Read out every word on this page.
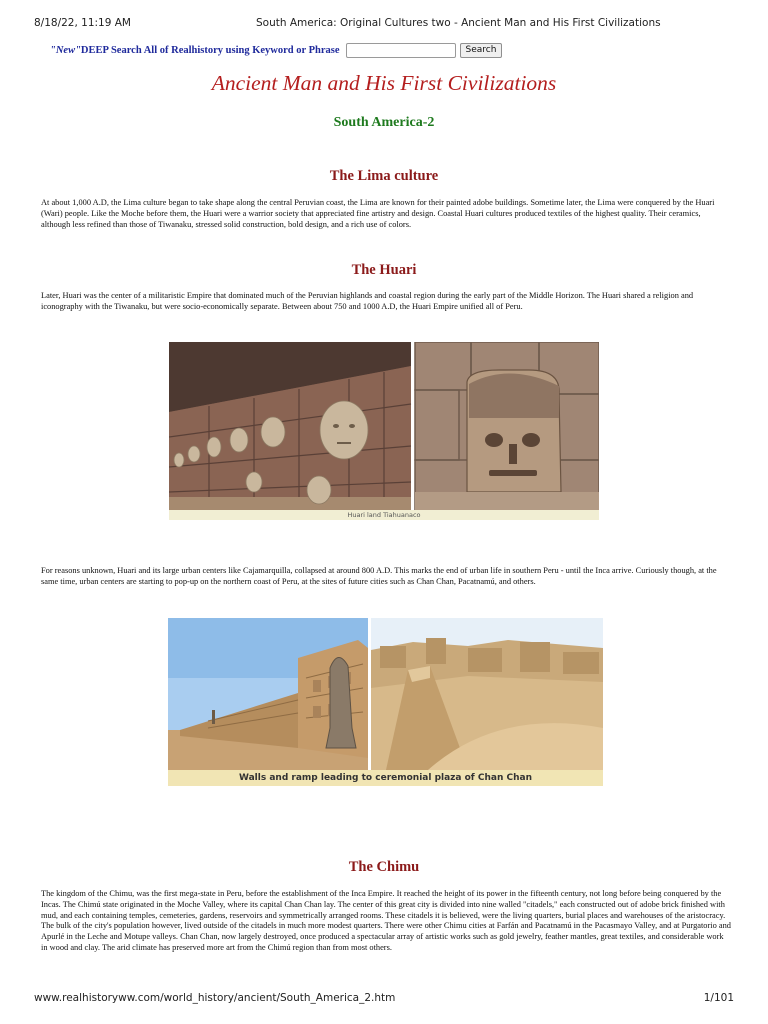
8/18/22, 11:19 AM	South America: Original Cultures two - Ancient Man and His First Civilizations
"New" DEEP Search All of Realhistory using Keyword or Phrase	Search
Ancient Man and His First Civilizations
South America-2
The Lima culture

At about 1,000 A.D, the Lima culture began to take shape along the central Peruvian coast, the Lima are known for their painted adobe buildings. Sometime later, the Lima were conquered by the Huari (Wari) people. Like the Moche before them, the Huari were a warrior society that appreciated fine artistry and design. Coastal Huari cultures produced textiles of the highest quality. Their ceramics, although less refined than those of Tiwanaku, stressed solid construction, bold design, and a rich use of colors.

The Huari

Later, Huari was the center of a militaristic Empire that dominated much of the Peruvian highlands and coastal region during the early part of the Middle Horizon. The Huari shared a religion and iconography with the Tiwanaku, but were socio-economically separate. Between about 750 and 1000 A.D, the Huari Empire unified all of Peru.

Huari land Tiahuanaco

For reasons unknown, Huari and its large urban centers like Cajamarquilla, collapsed at around 800 A.D. This marks the end of urban life in southern Peru - until the Inca arrive. Curiously though, at the same time, urban centers are starting to pop-up on the northern coast of Peru, at the sites of future cities such as Chan Chan, Pacatnamú, and others.

Walls and ramp leading to ceremonial plaza of Chan Chan
The Chimu

The kingdom of the Chimu, was the first mega-state in Peru, before the establishment of the Inca Empire. It reached the height of its power in the fifteenth century, not long before being conquered by the Incas. The Chimú state originated in the Moche Valley, where its capital Chan Chan lay. The center of this great city is divided into nine walled "citadels," each constructed out of adobe brick finished with mud, and each containing temples, cemeteries, gardens, reservoirs and symmetrically arranged rooms. These citadels it is believed, were the living quarters, burial places and warehouses of the aristocracy. The bulk of the city's population however, lived outside of the citadels in much more modest quarters. There were other Chimu cities at Farfán and Pacatnamú in the Pacasmayo Valley, and at Purgatorio and Apurlé in the Leche and Motupe valleys. Chan Chan, now largely destroyed, once produced a spectacular array of artistic works such as gold jewelry, feather mantles, great textiles, and considerable work in wood and clay. The arid climate has preserved more art from the Chimú region than from most others.

www.realhistoryww.com/world_history/ancient/South_America_2.htm	1/101
